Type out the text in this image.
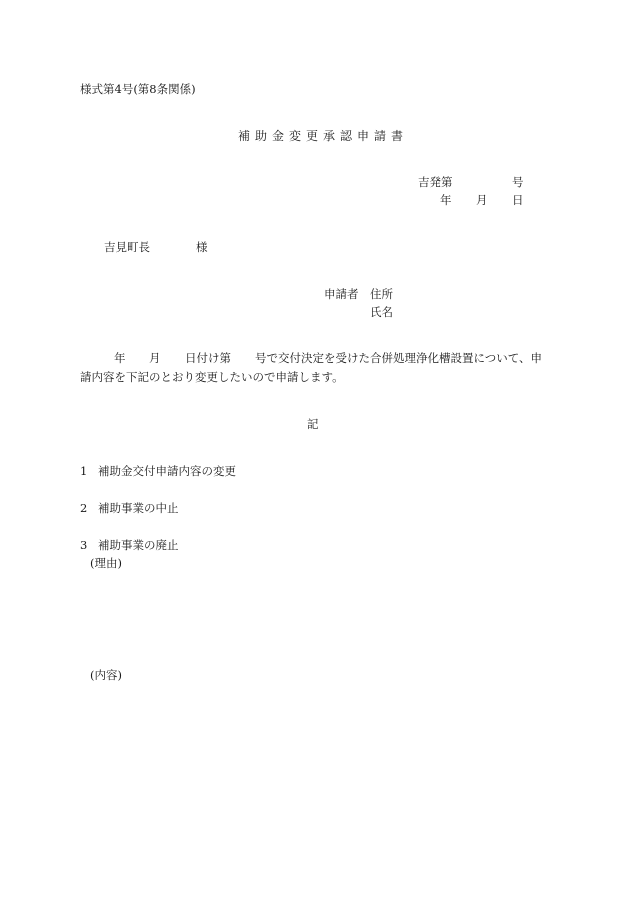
様式第4号(第8条関係)
補助金変更承認申請書
吉発第	号
年 月 日
吉見町長	様
申請者 住所
氏名
年 月 日付け第 号で交付決定を受けた合併処理浄化槽設置について、申
請内容を下記のとおり変更したいので申請します。
記
1 補助金交付申請内容の変更
2 補助事業の中止
3 補助事業の廃止
(理由)
(内容)
